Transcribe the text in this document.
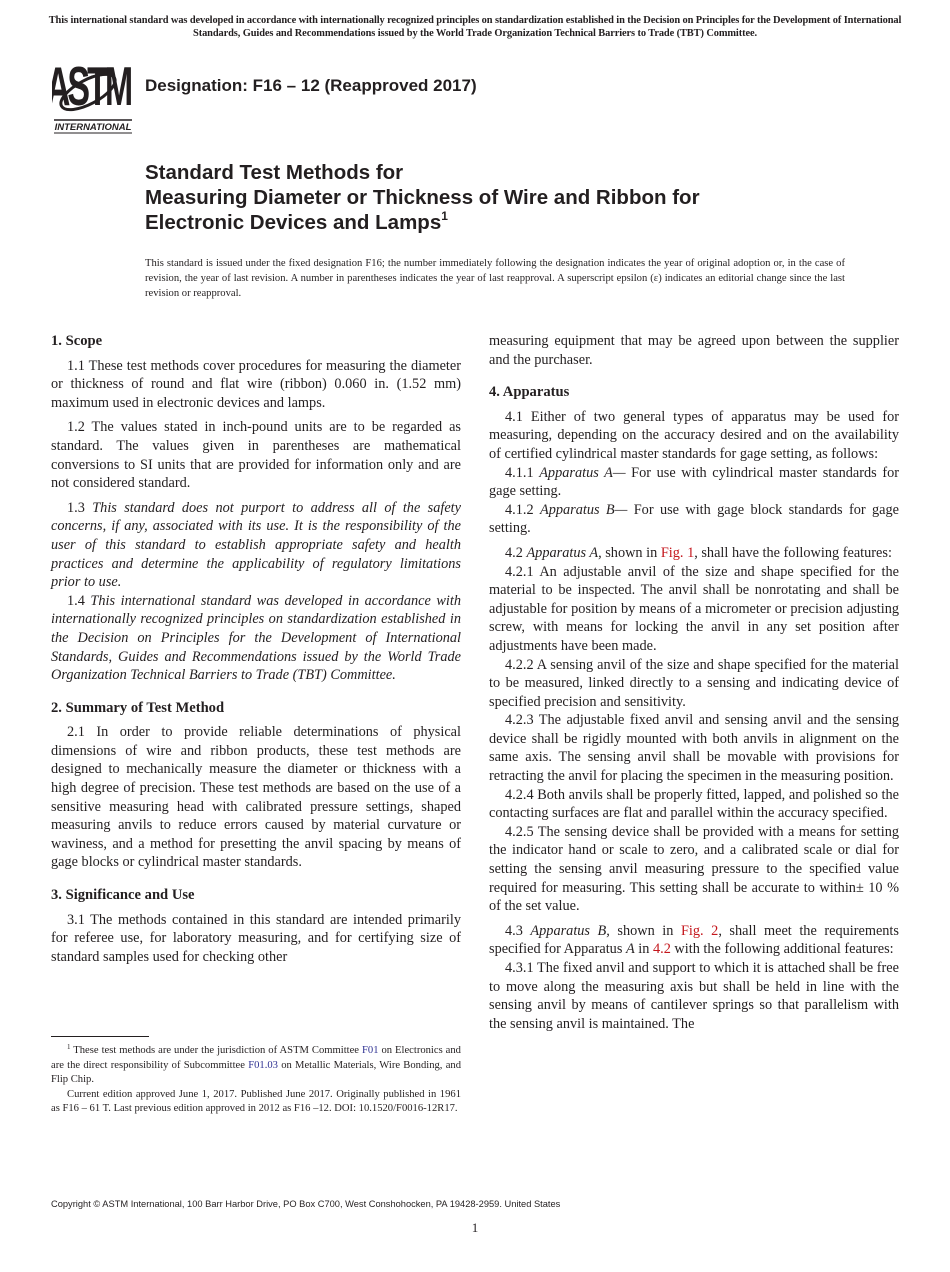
This international standard was developed in accordance with internationally recognized principles on standardization established in the Decision on Principles for the Development of International Standards, Guides and Recommendations issued by the World Trade Organization Technical Barriers to Trade (TBT) Committee.
ASTM
INTERNATIONAL
Designation: F16 – 12 (Reapproved 2017)
Standard Test Methods for
Measuring Diameter or Thickness of Wire and Ribbon for
Electronic Devices and Lamps$^1$
This standard is issued under the fixed designation F16; the number immediately following the designation indicates the year of original adoption or, in the case of revision, the year of last revision. A number in parentheses indicates the year of last reapproval. A superscript epsilon (ε) indicates an editorial change since the last revision or reapproval.
1. Scope

1.1 These test methods cover procedures for measuring the diameter or thickness of round and flat wire (ribbon) 0.060 in. (1.52 mm) maximum used in electronic devices and lamps.

1.2 The values stated in inch-pound units are to be regarded as standard. The values given in parentheses are mathematical conversions to SI units that are provided for information only and are not considered standard.

1.3 This standard does not purport to address all of the safety concerns, if any, associated with its use. It is the responsibility of the user of this standard to establish appropriate safety and health practices and determine the applicability of regulatory limitations prior to use.

1.4 This international standard was developed in accordance with internationally recognized principles on standardization established in the Decision on Principles for the Development of International Standards, Guides and Recommendations issued by the World Trade Organization Technical Barriers to Trade (TBT) Committee.

2. Summary of Test Method

2.1 In order to provide reliable determinations of physical dimensions of wire and ribbon products, these test methods are designed to mechanically measure the diameter or thickness with a high degree of precision. These test methods are based on the use of a sensitive measuring head with calibrated pressure settings, shaped measuring anvils to reduce errors caused by material curvature or waviness, and a method for presetting the anvil spacing by means of gage blocks or cylindrical master standards.

3. Significance and Use

3.1 The methods contained in this standard are intended primarily for referee use, for laboratory measuring, and for certifying size of standard samples used for checking other

$^1$ These test methods are under the jurisdiction of ASTM Committee F01 on Electronics and are the direct responsibility of Subcommittee F01.03 on Metallic Materials, Wire Bonding, and Flip Chip.

Current edition approved June 1, 2017. Published June 2017. Originally published in 1961 as F16 – 61 T. Last previous edition approved in 2012 as F16 –12. DOI: 10.1520/F0016-12R17.

measuring equipment that may be agreed upon between the supplier and the purchaser.

4. Apparatus

4.1 Either of two general types of apparatus may be used for measuring, depending on the accuracy desired and on the availability of certified cylindrical master standards for gage setting, as follows:

4.1.1 Apparatus A— For use with cylindrical master standards for gage setting.

4.1.2 Apparatus B— For use with gage block standards for gage setting.

4.2 Apparatus A, shown in Fig. 1, shall have the following features:

4.2.1 An adjustable anvil of the size and shape specified for the material to be inspected. The anvil shall be nonrotating and shall be adjustable for position by means of a micrometer or precision adjusting screw, with means for locking the anvil in any set position after adjustments have been made.

4.2.2 A sensing anvil of the size and shape specified for the material to be measured, linked directly to a sensing and indicating device of specified precision and sensitivity.

4.2.3 The adjustable fixed anvil and sensing anvil and the sensing device shall be rigidly mounted with both anvils in alignment on the same axis. The sensing anvil shall be movable with provisions for retracting the anvil for placing the specimen in the measuring position.

4.2.4 Both anvils shall be properly fitted, lapped, and polished so the contacting surfaces are flat and parallel within the accuracy specified.

4.2.5 The sensing device shall be provided with a means for setting the indicator hand or scale to zero, and a calibrated scale or dial for setting the sensing anvil measuring pressure to the specified value required for measuring. This setting shall be accurate to within± 10 % of the set value.

4.3 Apparatus B, shown in Fig. 2, shall meet the requirements specified for Apparatus A in 4.2 with the following additional features:

4.3.1 The fixed anvil and support to which it is attached shall be free to move along the measuring axis but shall be held in line with the sensing anvil by means of cantilever springs so that parallelism with the sensing anvil is maintained. The

Copyright © ASTM International, 100 Barr Harbor Drive, PO Box C700, West Conshohocken, PA 19428-2959. United States
1
